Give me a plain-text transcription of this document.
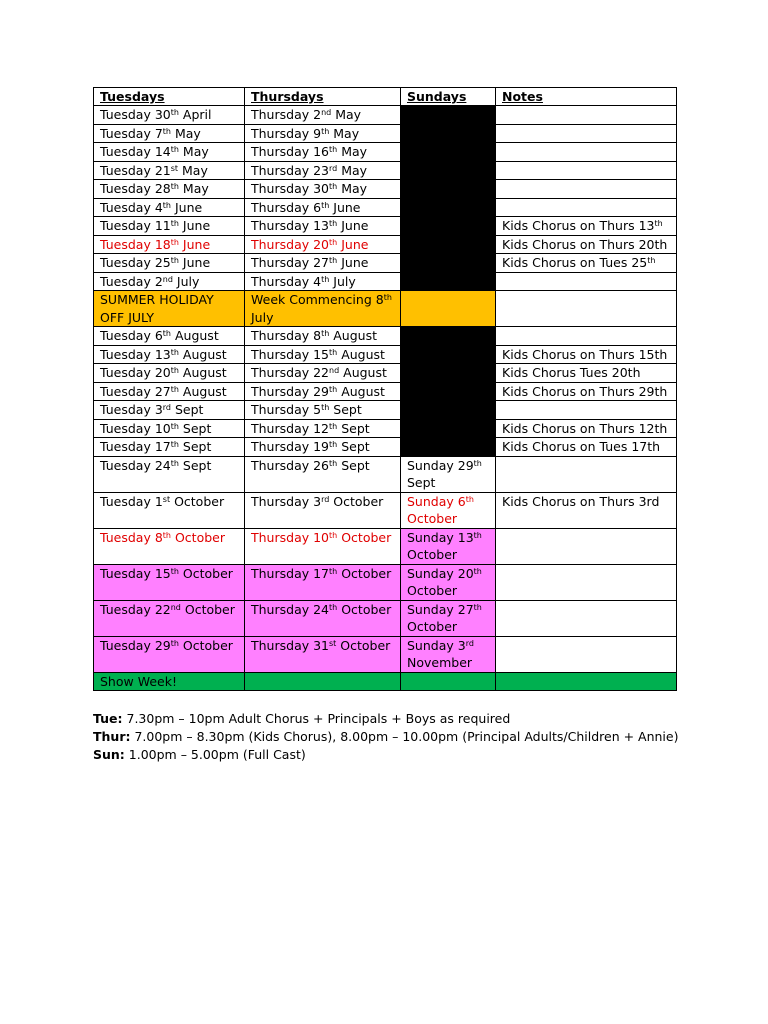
Tuesdays	Thursdays	Sundays	Notes
Tuesday 30th April	Thursday 2nd May		
Tuesday 7th May	Thursday 9th May		
Tuesday 14th May	Thursday 16th May		
Tuesday 21st May	Thursday 23rd May		
Tuesday 28th May	Thursday 30th May		
Tuesday 4th June	Thursday 6th June		
Tuesday 11th June	Thursday 13th June		Kids Chorus on Thurs 13th
Tuesday 18th June	Thursday 20th June		Kids Chorus on Thurs 20th
Tuesday 25th June	Thursday 27th June		Kids Chorus on Tues 25th
Tuesday 2nd July	Thursday 4th July		
SUMMER HOLIDAY OFF JULY	Week Commencing 8th July		
Tuesday 6th August	Thursday 8th August		
Tuesday 13th August	Thursday 15th August		Kids Chorus on Thurs 15th
Tuesday 20th August	Thursday 22nd August		Kids Chorus Tues 20th
Tuesday 27th August	Thursday 29th August		Kids Chorus on Thurs 29th
Tuesday 3rd Sept	Thursday 5th Sept		
Tuesday 10th Sept	Thursday 12th Sept		Kids Chorus on Thurs 12th
Tuesday 17th Sept	Thursday 19th Sept		Kids Chorus on Tues 17th
Tuesday 24th Sept	Thursday 26th Sept	Sunday 29th Sept	
Tuesday 1st October	Thursday 3rd October	Sunday 6th October	Kids Chorus on Thurs 3rd
Tuesday 8th October	Thursday 10th October	Sunday 13th October	
Tuesday 15th October	Thursday 17th October	Sunday 20th October	
Tuesday 22nd October	Thursday 24th October	Sunday 27th October	
Tuesday 29th October	Thursday 31st October	Sunday 3rd November	
Show Week!			
Tue: 7.30pm – 10pm Adult Chorus + Principals + Boys as required
Thur: 7.00pm – 8.30pm (Kids Chorus), 8.00pm – 10.00pm (Principal Adults/Children + Annie)
Sun: 1.00pm – 5.00pm (Full Cast)
